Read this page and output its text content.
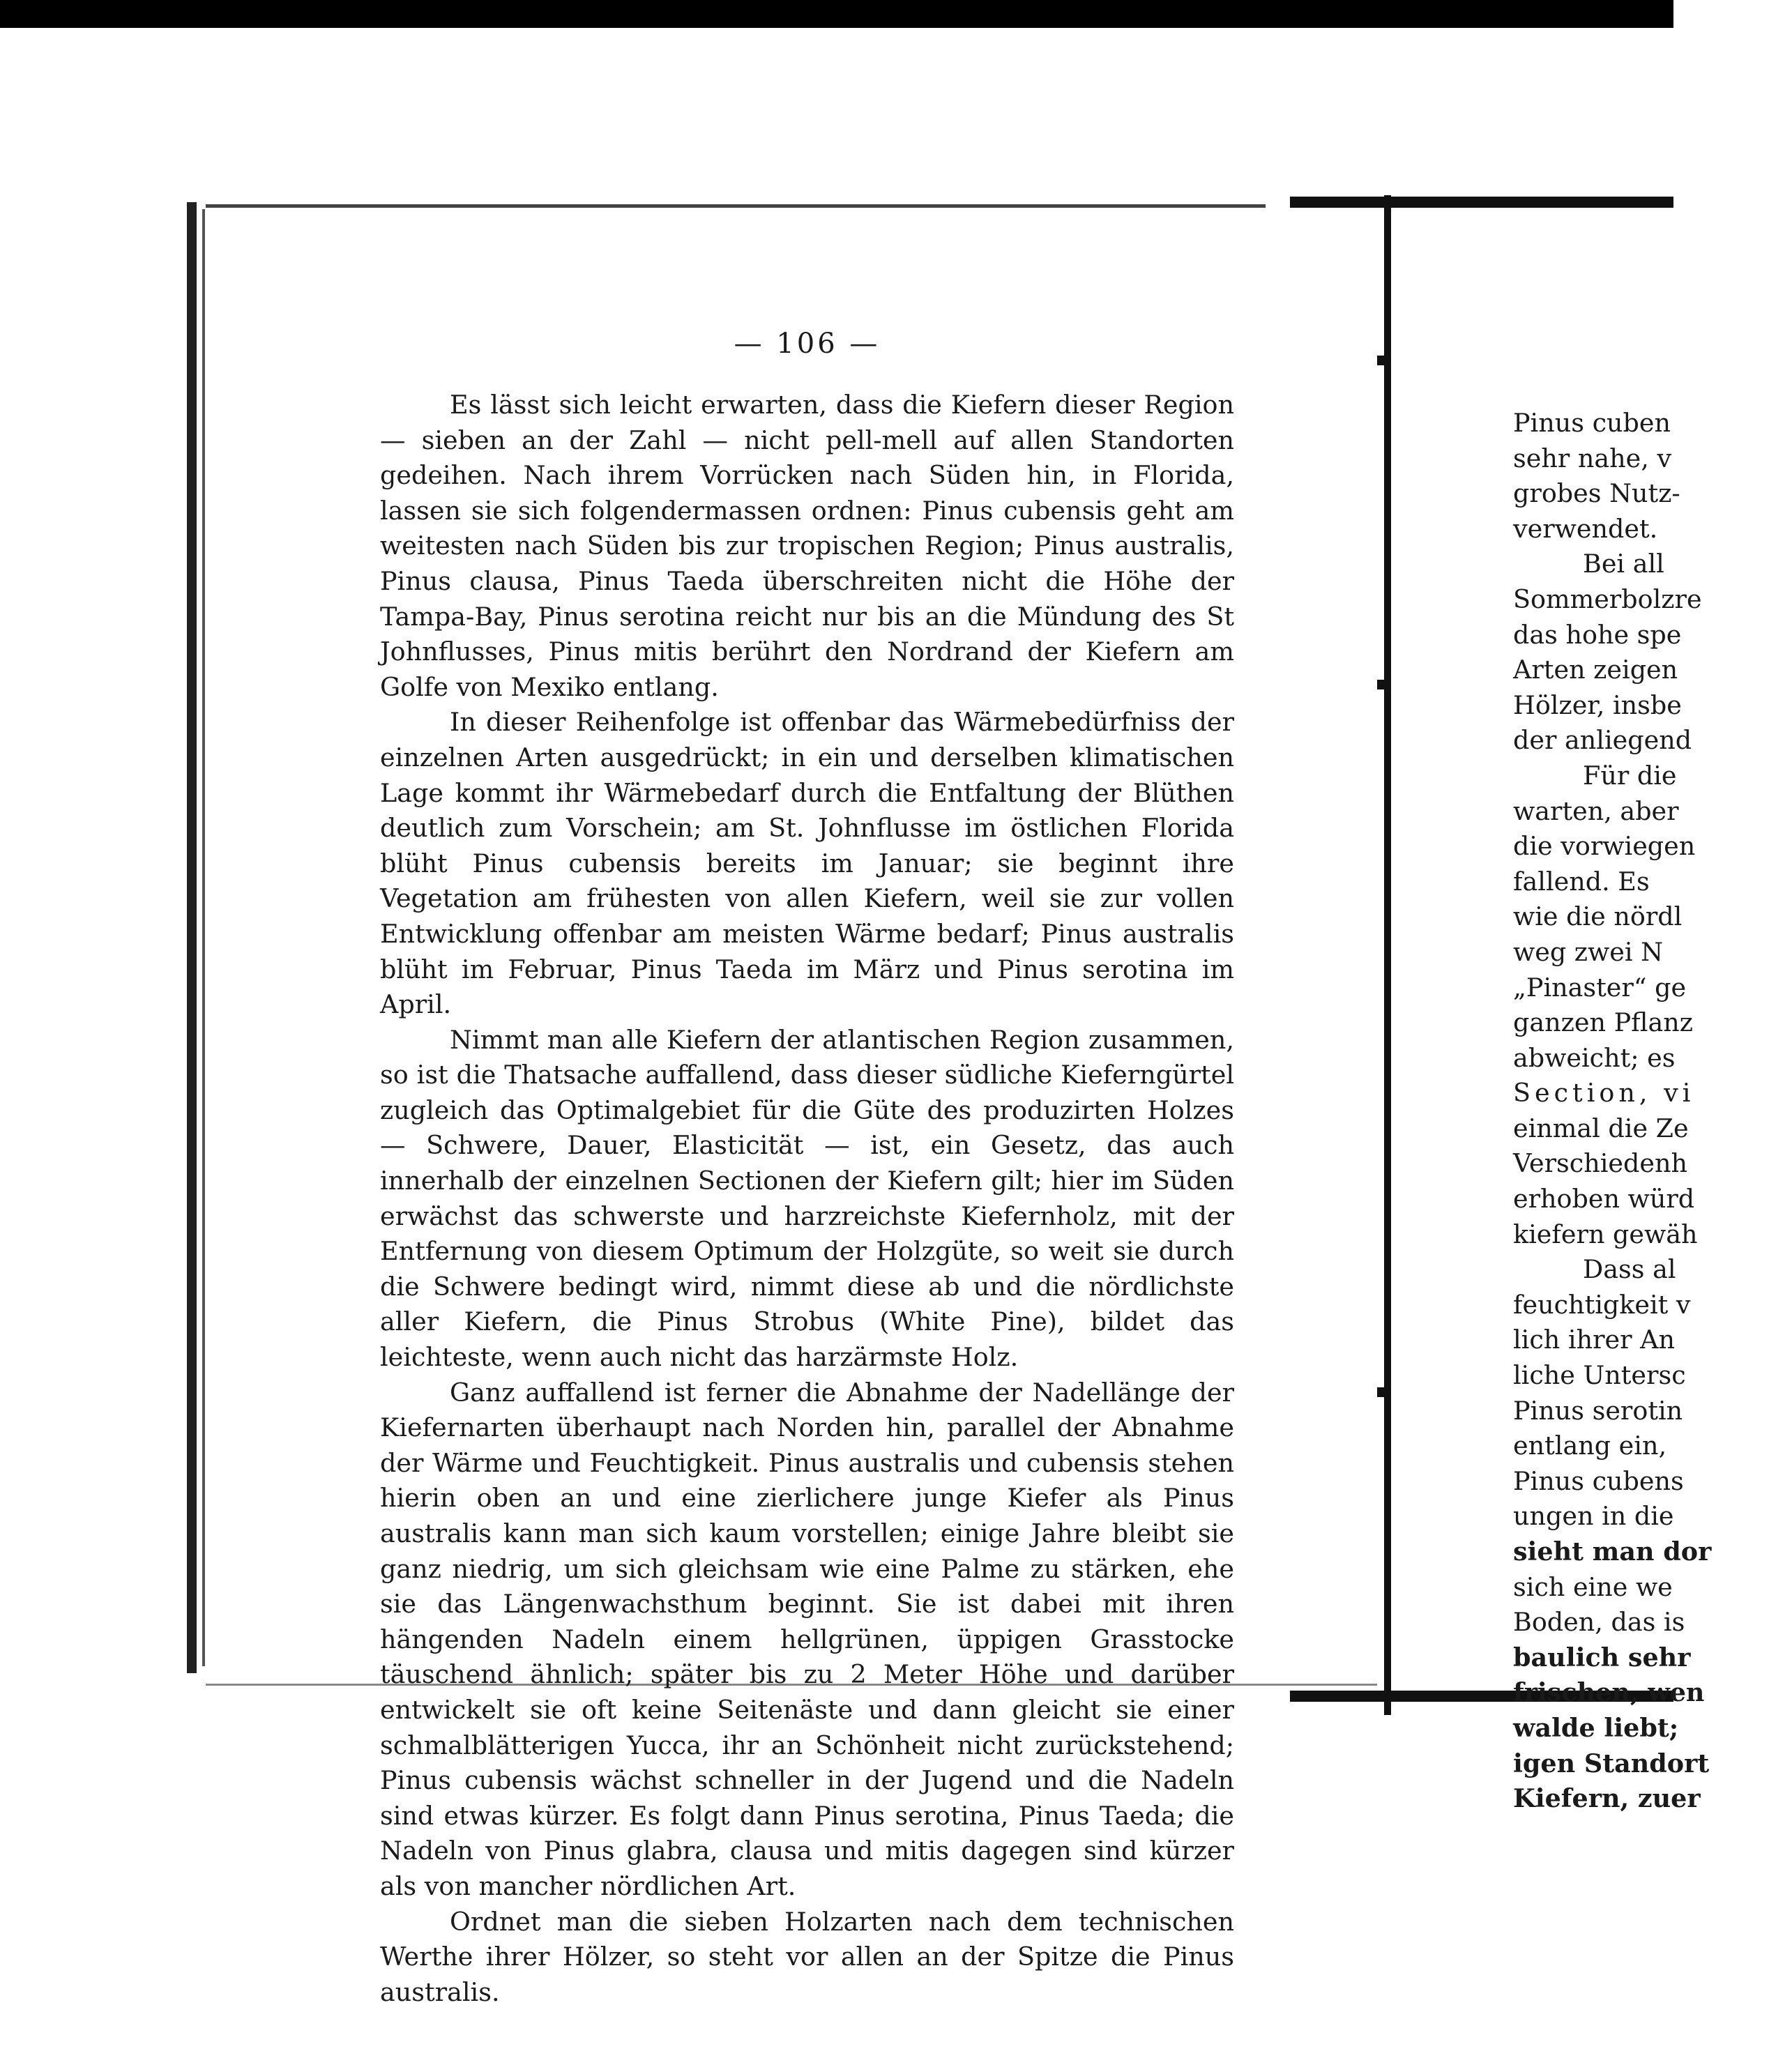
— 106 —

Es lässt sich leicht erwarten, dass die Kiefern dieser Region — sieben an der Zahl — nicht pell-mell auf allen Standorten gedeihen. Nach ihrem Vorrücken nach Süden hin, in Florida, lassen sie sich folgendermassen ordnen: Pinus cubensis geht am weitesten nach Süden bis zur tropischen Region; Pinus australis, Pinus clausa, Pinus Taeda überschreiten nicht die Höhe der Tampa-Bay, Pinus serotina reicht nur bis an die Mündung des St Johnflusses, Pinus mitis berührt den Nordrand der Kiefern am Golfe von Mexiko entlang.

In dieser Reihenfolge ist offenbar das Wärmebedürfniss der einzelnen Arten ausgedrückt; in ein und derselben klimatischen Lage kommt ihr Wärmebedarf durch die Entfaltung der Blüthen deutlich zum Vorschein; am St. Johnflusse im östlichen Florida blüht Pinus cubensis bereits im Januar; sie beginnt ihre Vegetation am frühesten von allen Kiefern, weil sie zur vollen Entwicklung offenbar am meisten Wärme bedarf; Pinus australis blüht im Februar, Pinus Taeda im März und Pinus serotina im April.

Nimmt man alle Kiefern der atlantischen Region zusammen, so ist die Thatsache auffallend, dass dieser südliche Kieferngürtel zugleich das Optimalgebiet für die Güte des produzirten Holzes — Schwere, Dauer, Elasticität — ist, ein Gesetz, das auch innerhalb der einzelnen Sectionen der Kiefern gilt; hier im Süden erwächst das schwerste und harzreichste Kiefernholz, mit der Entfernung von diesem Optimum der Holzgüte, so weit sie durch die Schwere bedingt wird, nimmt diese ab und die nördlichste aller Kiefern, die Pinus Strobus (White Pine), bildet das leichteste, wenn auch nicht das harzärmste Holz.

Ganz auffallend ist ferner die Abnahme der Nadellänge der Kiefernarten überhaupt nach Norden hin, parallel der Abnahme der Wärme und Feuchtigkeit. Pinus australis und cubensis stehen hierin oben an und eine zierlichere junge Kiefer als Pinus australis kann man sich kaum vorstellen; einige Jahre bleibt sie ganz niedrig, um sich gleichsam wie eine Palme zu stärken, ehe sie das Längenwachsthum beginnt. Sie ist dabei mit ihren hängenden Nadeln einem hellgrünen, üppigen Grasstocke täuschend ähnlich; später bis zu 2 Meter Höhe und darüber entwickelt sie oft keine Seitenäste und dann gleicht sie einer schmalblätterigen Yucca, ihr an Schönheit nicht zurückstehend; Pinus cubensis wächst schneller in der Jugend und die Nadeln sind etwas kürzer. Es folgt dann Pinus serotina, Pinus Taeda; die Nadeln von Pinus glabra, clausa und mitis dagegen sind kürzer als von mancher nördlichen Art.

Ordnet man die sieben Holzarten nach dem technischen Werthe ihrer Hölzer, so steht vor allen an der Spitze die Pinus australis.

Pinus cuben

sehr nahe, v

grobes Nutz-

verwendet.

Bei all

Sommerbolzre

das hohe spe

Arten zeigen

Hölzer, insbe

der anliegend

Für die

warten, aber

die vorwiegen

fallend. Es

wie die nördl

weg zwei N

„Pinaster“ ge

ganzen Pflanz

abweicht; es

Section, vi

einmal die Ze

Verschiedenh

erhoben würd

kiefern gewäh

Dass al

feuchtigkeit v

lich ihrer An

liche Untersc

Pinus serotin

entlang ein,

Pinus cubens

ungen in die

sieht man dor

sich eine we

Boden, das is

baulich sehr

frischen, wen

walde liebt;

igen Standort

Kiefern, zuer
